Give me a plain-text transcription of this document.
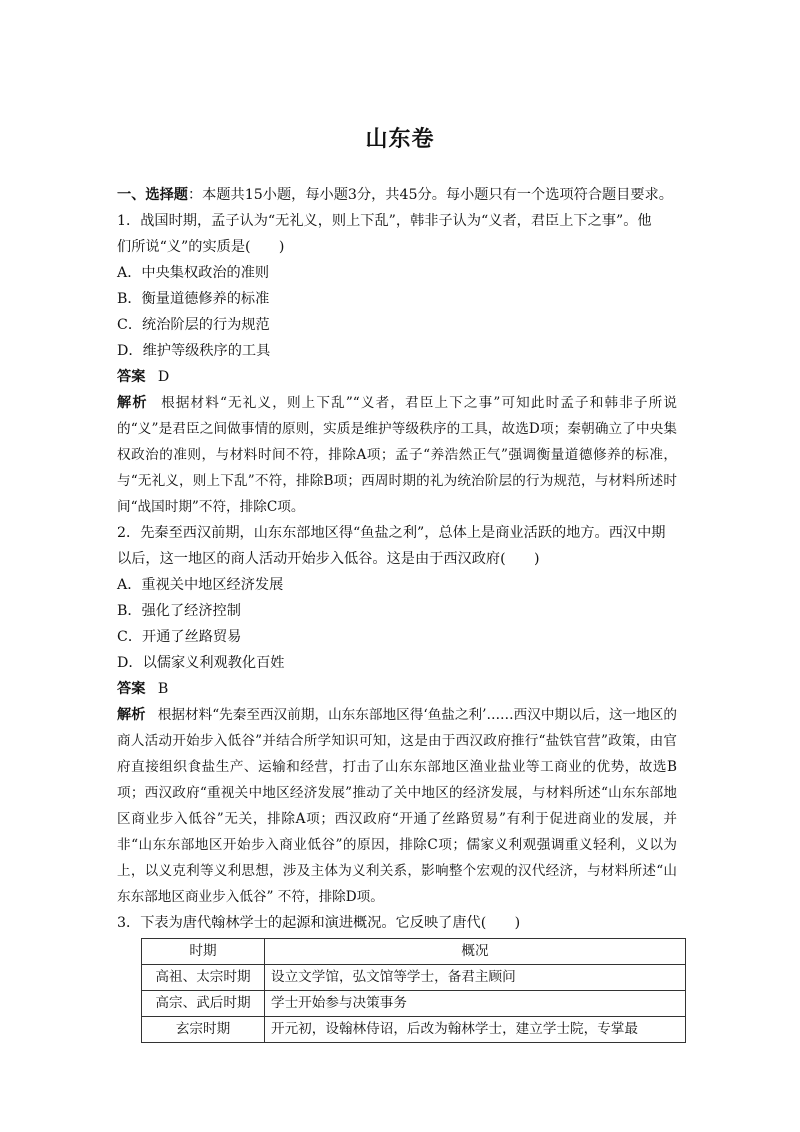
山东卷

一、选择题：本题共15小题，每小题3分，共45分。每小题只有一个选项符合题目要求。

1．战国时期，孟子认为“无礼义，则上下乱”，韩非子认为“义者，君臣上下之事”。他

们所说“义”的实质是(　　)

A．中央集权政治的准则

B．衡量道德修养的标准

C．统治阶层的行为规范

D．维护等级秩序的工具

答案 D

解析 根据材料“无礼义，则上下乱”“义者，君臣上下之事”可知此时孟子和韩非子所说的“义”是君臣之间做事情的原则，实质是维护等级秩序的工具，故选D项；秦朝确立了中央集权政治的准则，与材料时间不符，排除A项；孟子“养浩然正气”强调衡量道德修养的标准，与“无礼义，则上下乱”不符，排除B项；西周时期的礼为统治阶层的行为规范，与材料所述时间“战国时期”不符，排除C项。

2．先秦至西汉前期，山东东部地区得“鱼盐之利”，总体上是商业活跃的地方。西汉中期

以后，这一地区的商人活动开始步入低谷。这是由于西汉政府(　　)

A．重视关中地区经济发展

B．强化了经济控制

C．开通了丝路贸易

D．以儒家义利观教化百姓

答案 B

解析 根据材料“先秦至西汉前期，山东东部地区得‘鱼盐之利’……西汉中期以后，这一地区的商人活动开始步入低谷”并结合所学知识可知，这是由于西汉政府推行“盐铁官营”政策，由官府直接组织食盐生产、运输和经营，打击了山东东部地区渔业盐业等工商业的优势，故选B项；西汉政府“重视关中地区经济发展”推动了关中地区的经济发展，与材料所述“山东东部地区商业步入低谷”无关，排除A项；西汉政府“开通了丝路贸易”有利于促进商业的发展，并非“山东东部地区开始步入商业低谷”的原因，排除C项；儒家义利观强调重义轻利，义以为上，以义克利等义利思想，涉及主体为义利关系，影响整个宏观的汉代经济，与材料所述“山东东部地区商业步入低谷” 不符，排除D项。

3．下表为唐代翰林学士的起源和演进概况。它反映了唐代(　　)

时期	概况
高祖、太宗时期	设立文学馆，弘文馆等学士，备君主顾问
高宗、武后时期	学士开始参与决策事务
玄宗时期	开元初，设翰林侍诏，后改为翰林学士，建立学士院，专掌最
